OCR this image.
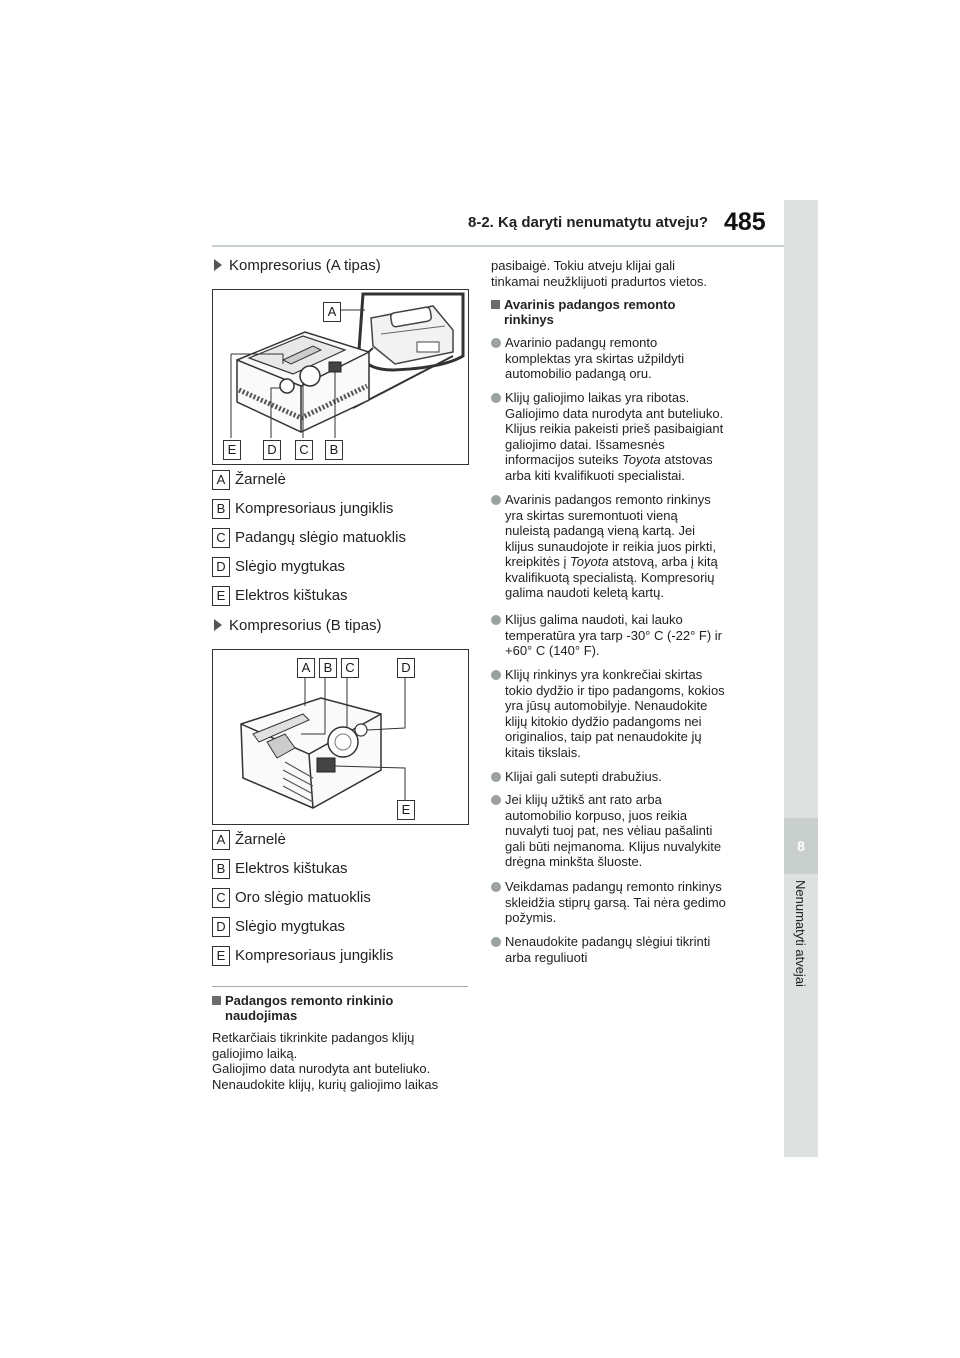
8-2. Ką daryti nenumatytu atveju? 485
8
Nenumatyti atvejai
Kompresorius (A tipas)
A
E	D	C	B
A Žarnelė
B Kompresoriaus jungiklis
C Padangų slėgio matuoklis
D Slėgio mygtukas
E Elektros kištukas
Kompresorius (B tipas)
A	B C	D
E
A Žarnelė
B Elektros kištukas
C Oro slėgio matuoklis
D Slėgio mygtukas
E Kompresoriaus jungiklis
Padangos remonto rinkinio
naudojimas
Retkarčiais tikrinkite padangos klijų
galiojimo laiką.
Galiojimo data nurodyta ant buteliuko.
Nenaudokite klijų, kurių galiojimo laikas
pasibaigė. Tokiu atveju klijai gali
tinkamai neužklijuoti pradurtos vietos.
Avarinis padangos remonto
rinkinys
Avarinio padangų remonto
komplektas yra skirtas užpildyti
automobilio padangą oru.
Klijų galiojimo laikas yra ribotas.
Galiojimo data nurodyta ant buteliuko.
Klijus reikia pakeisti prieš pasibaigiant
galiojimo datai. Išsamesnės
informacijos suteiks Toyota atstovas
arba kiti kvalifikuoti specialistai.
Avarinis padangos remonto rinkinys
yra skirtas suremontuoti vieną
nuleistą padangą vieną kartą. Jei
klijus sunaudojote ir reikia juos pirkti,
kreipkitės į Toyota atstovą, arba į kitą
kvalifikuotą specialistą. Kompresorių
galima naudoti keletą kartų.
Klijus galima naudoti, kai lauko
temperatūra yra tarp -30° C (-22° F) ir
+60° C (140° F).
Klijų rinkinys yra konkrečiai skirtas
tokio dydžio ir tipo padangoms, kokios
yra jūsų automobilyje. Nenaudokite
klijų kitokio dydžio padangoms nei
originalios, taip pat nenaudokite jų
kitais tikslais.
Klijai gali sutepti drabužius.
Jei klijų užtikš ant rato arba
automobilio korpuso, juos reikia
nuvalyti tuoj pat, nes vėliau pašalinti
gali būti neįmanoma. Klijus nuvalykite
drėgna minkšta šluoste.
Veikdamas padangų remonto rinkinys
skleidžia stiprų garsą. Tai nėra gedimo
požymis.
Nenaudokite padangų slėgiui tikrinti
arba reguliuoti
